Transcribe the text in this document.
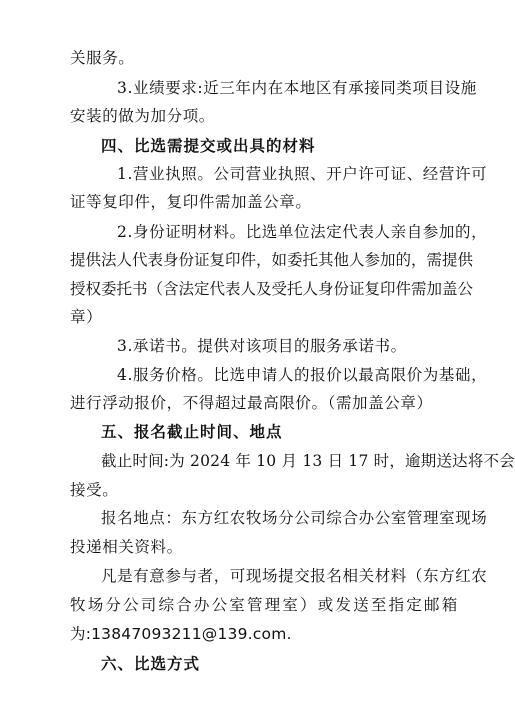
关服务。

3.业绩要求:近三年内在本地区有承接同类项目设施

安装的做为加分项。

四、比选需提交或出具的材料

1.营业执照。公司营业执照、开户许可证、经营许可

证等复印件，复印件需加盖公章。

2.身份证明材料。比选单位法定代表人亲自参加的，

提供法人代表身份证复印件，如委托其他人参加的，需提供

授权委托书（含法定代表人及受托人身份证复印件需加盖公

章）

3.承诺书。提供对该项目的服务承诺书。

4.服务价格。比选申请人的报价以最高限价为基础，

进行浮动报价，不得超过最高限价。（需加盖公章）

五、报名截止时间、地点

截止时间:为 2024 年 10 月 13 日 17 时，逾期送达将不会

接受。

报名地点：东方红农牧场分公司综合办公室管理室现场

投递相关资料。

凡是有意参与者，可现场提交报名相关材料（东方红农

牧场分公司综合办公室管理室）或发送至指定邮箱

为:13847093211@139.com.

六、比选方式
